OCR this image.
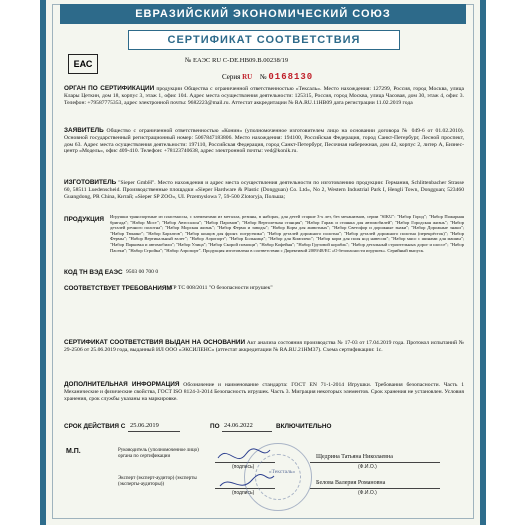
ЕВРАЗИЙСКИЙ ЭКОНОМИЧЕСКИЙ СОЮЗ
СЕРТИФИКАТ СООТВЕТСТВИЯ
ЕАС	№ ЕАЭС RU С-DE.НВ09.В.00238/19
Серия RU № 0168130
ОРГАН ПО СЕРТИФИКАЦИИ продукции Общества с ограниченной ответственностью «Тексаль». Место нахождения: 127299, Россия, город Москва, улица Клары Цеткин, дом 18, корпус 3, этаж 1, офис 104. Адрес места осуществления деятельности: 125315, Россия, город Москва, улица Часовая, дом 30, этаж 4, офис 3. Телефон: +79587775353, адрес электронной почты: 9682223@mail.ru. Аттестат аккредитации № RA.RU.11НВ09 дата регистрации 11.02.2019 года
ЗАЯВИТЕЛЬ Общество с ограниченной ответственностью «Конин» (уполномоченное изготовителем лицо на основании договора № 049-6 от 01.02.2010). Основной государственный регистрационный номер: 5067847183806. Место нахождения: 194100, Российская Федерация, город Санкт-Петербург, Лесной проспект, дом 63. Адрес места осуществления деятельности: 197110, Российская Федерация, город Санкт-Петербург, Песочная набережная, дом 42, корпус 2, литер А, Бизнес-центр «Модель», офис 409-410. Телефон: +78123740638, адрес электронной почты: ved@konik.ru.
ИЗГОТОВИТЕЛЬ "Sieper GmbH". Место нахождения и адрес места осуществления деятельности по изготовлению продукции: Германия, Schlittenbacher Strasse 60, 58511 Luedenscheid. Производственные площадки «Sieper Hardware & Plastic (Dongguan) Co. Ltd», No 2, Western Industrial Park I, Hengli Town, Dongguan; 523460 Guangdong, PR China, Китай; «Sieper SP ZOO», UI. Przemyslowa 7, 59-500 Zlotoryja, Польша;
ПРОДУКЦИЯ Игрушки транспортные из пластмассы, с элементами из металла, резины, в наборах, для детей старше 3-х лет, без механизмов, серии "SIKU": "Набор Город"; "Набор Пожарная бригада"; "Набор Мост"; "Набор Автосалон"; "Набор Паромов"; "Набор Вертолетная станция"; "Набор Гараж и стоянка для автомобилей"; "Набор Городская жизнь"; "Набор деталей речного полотна"; "Набор Морская жизнь"; "Набор Ферма и заводы"; "Набор Корм для животных"; "Набор Светофор и дорожные знаки"; "Набор Дорожные знаки"; "Набор Тюнинг"; "Набор Бархатов"; "Набор концов для фронт. погрузчика"; "Набор деталей дорожного полотна"; "Набор деталей дорожного полотна (перекрёсток)"; "Набор Фермы"; "Набор Вертикальный взлет"; "Набор Аэропорт"; "Набор Больница"; "Набор для Комплекс"; "Набор корм для поля нод навесом"; "Набор мясо с шинами для машин"; "Набор Парковка и автомобили"; "Набор Улица"; "Набор Скорой помощи"; "Набор Кофейня"; "Набор Грузовой корабль"; "Набор детальный строительных дорог и шоссе"; "Набор Пасеки"; "Набор Стройка"; "Набор Аэропорт". Продукция изготовлена в соответствии с Директивой 2009/48/ЕС «О безопасности игрушек». Серийный выпуск.
КОД ТН ВЭД ЕАЭС 9503 00 700 0
СООТВЕТСТВУЕТ ТРЕБОВАНИЯМ
ТР ТС 008/2011 "О безопасности игрушек"
СЕРТИФИКАТ СООТВЕТСТВИЯ ВЫДАН НА ОСНОВАНИИ Акт анализа состояния производства № 17-03 от 17.04.2019 года. Протокол испытаний № 29-2506 от 25.06.2019 года, выданный ИЛ ООО «ЭКСИЛЕНС» (аттестат аккредитации № RA.RU.21НМ37). Схема сертификации: 1с.
ДОПОЛНИТЕЛЬНАЯ ИНФОРМАЦИЯ Обозначение и наименование стандарта: ГОСТ EN 71-1-2014 Игрушки. Требования безопасности. Часть 1 Механические и физические свойства, ГОСТ ISO 8124-3-2014 Безопасность игрушек. Часть 3. Миграция некоторых элементов. Срок хранения не установлен. Условия хранения, срок службы указаны на маркировке.
СРОК ДЕЙСТВИЯ С 25.06.2019	ПО 24.06.2022	ВКЛЮЧИТЕЛЬНО
М.П.	Руководитель (уполномоченное лицо) органа по сертификации
(подпись)
Щедрина Татьяна Николаевна
(Ф.И.О.)
Эксперт (эксперт-аудитор) (эксперты (эксперты-аудиторы))
(подпись)
Белова Валерия Романовна
(Ф.И.О.)
«Тексталь»
